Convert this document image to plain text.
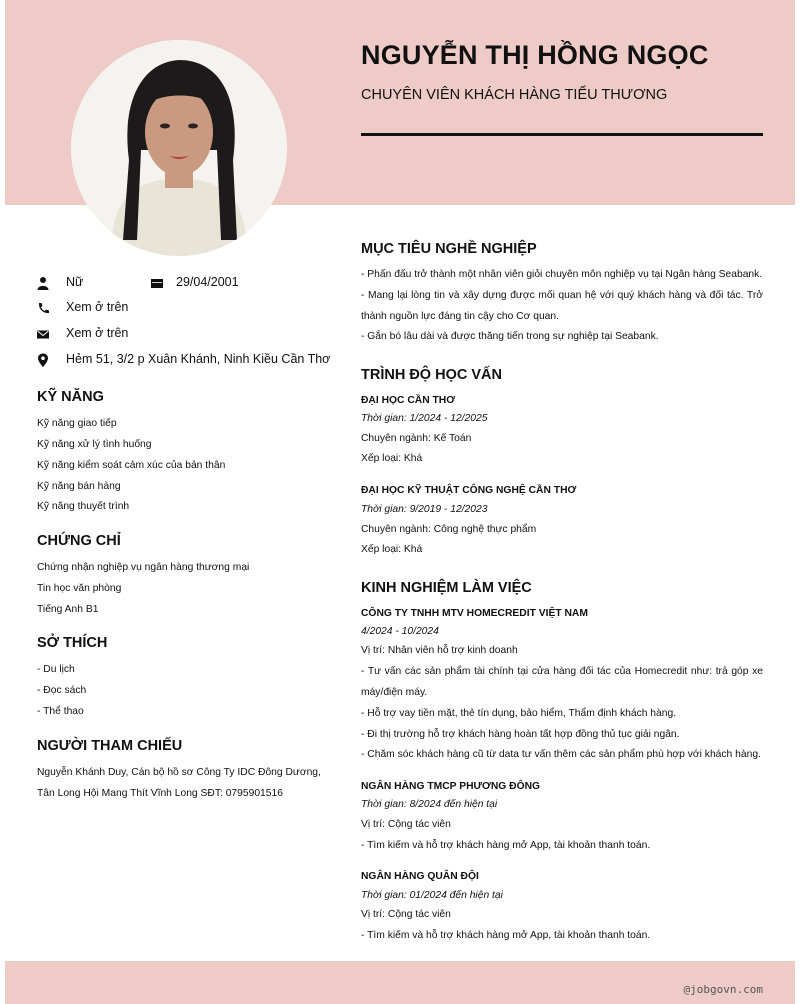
NGUYỄN THỊ HỒNG NGỌC
CHUYÊN VIÊN KHÁCH HÀNG TIỂU THƯƠNG
Nữ	29/04/2001
Xem ở trên
Xem ở trên
Hẻm 51, 3/2 p Xuân Khánh, Ninh Kiều Cần Thơ
KỸ NĂNG
Kỹ năng giao tiếp
Kỹ năng xử lý tình huống
Kỹ năng kiểm soát cảm xúc của bản thân
Kỹ năng bán hàng
Kỹ năng thuyết trình
CHỨNG CHỈ
Chứng nhận nghiệp vụ ngân hàng thương mại
Tin học văn phòng
Tiếng Anh B1
SỞ THÍCH
- Du lịch
- Đọc sách
- Thể thao
NGƯỜI THAM CHIẾU
Nguyễn Khánh Duy, Cán bộ hồ sơ Công Ty IDC Đông Dương,
Tân Long Hội Mang Thít Vĩnh Long SĐT: 0795901516
MỤC TIÊU NGHỀ NGHIỆP
- Phấn đấu trở thành một nhân viên giỏi chuyên môn nghiệp vụ tại Ngân hàng Seabank.
- Mang lại lòng tin và xây dựng được mối quan hệ với quý khách hàng và đối tác. Trở thành nguồn lực đáng tin cậy cho Cơ quan.
- Gắn bó lâu dài và được thăng tiến trong sự nghiệp tại Seabank.
TRÌNH ĐỘ HỌC VẤN
ĐẠI HỌC CẦN THƠ
Thời gian: 1/2024 - 12/2025
Chuyên ngành: Kế Toán
Xếp loại: Khá
ĐẠI HỌC KỸ THUẬT CÔNG NGHỆ CẦN THƠ
Thời gian: 9/2019 - 12/2023
Chuyên ngành: Công nghệ thực phẩm
Xếp loại: Khá
KINH NGHIỆM LÀM VIỆC
CÔNG TY TNHH MTV HOMECREDIT VIỆT NAM
4/2024 - 10/2024
Vị trí: Nhân viên hỗ trợ kinh doanh
- Tư vấn các sản phẩm tài chính tại cửa hàng đối tác của Homecredit như: trả góp xe máy/điện máy.
- Hỗ trợ vay tiền mặt, thẻ tín dụng, bảo hiểm, Thẩm định khách hàng.
- Đi thị trường hỗ trợ khách hàng hoàn tất hợp đồng thủ tục giải ngân.
- Chăm sóc khách hàng cũ từ data tư vấn thêm các sản phẩm phù hợp với khách hàng.
NGÂN HÀNG TMCP PHƯƠNG ĐÔNG
Thời gian: 8/2024 đến hiện tại
Vị trí: Cộng tác viên
- Tìm kiếm và hỗ trợ khách hàng mở App, tài khoản thanh toán.
NGÂN HÀNG QUÂN ĐỘI
Thời gian: 01/2024 đến hiện tại
Vị trí: Cộng tác viên
- Tìm kiếm và hỗ trợ khách hàng mở App, tài khoản thanh toán.
@jobgovn.com
